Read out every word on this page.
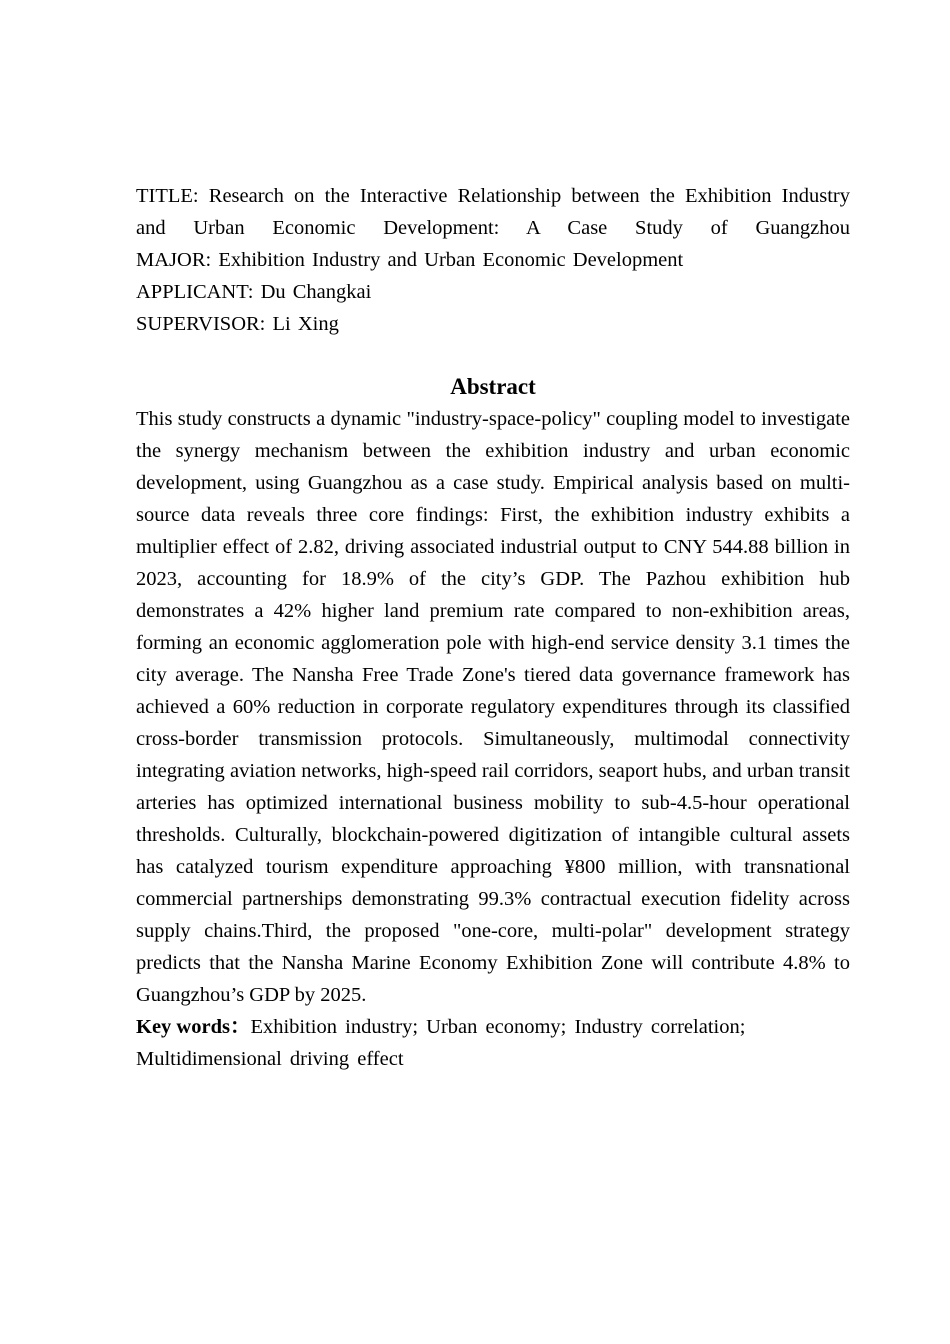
TITLE: Research on the Interactive Relationship between the Exhibition Industry and Urban Economic Development: A Case Study of Guangzhou
MAJOR: Exhibition Industry and Urban Economic Development
APPLICANT: Du Changkai
SUPERVISOR: Li Xing
Abstract

This study constructs a dynamic "industry-space-policy" coupling model to investigate the synergy mechanism between the exhibition industry and urban economic development, using Guangzhou as a case study. Empirical analysis based on multi-source data reveals three core findings: First, the exhibition industry exhibits a multiplier effect of 2.82, driving associated industrial output to CNY 544.88 billion in 2023, accounting for 18.9% of the city’s GDP. The Pazhou exhibition hub demonstrates a 42% higher land premium rate compared to non-exhibition areas, forming an economic agglomeration pole with high-end service density 3.1 times the city average. The Nansha Free Trade Zone's tiered data governance framework has achieved a 60% reduction in corporate regulatory expenditures through its classified cross-border transmission protocols. Simultaneously, multimodal connectivity integrating aviation networks, high-speed rail corridors, seaport hubs, and urban transit arteries has optimized international business mobility to sub-4.5-hour operational thresholds. Culturally, blockchain-powered digitization of intangible cultural assets has catalyzed tourism expenditure approaching ¥800 million, with transnational commercial partnerships demonstrating 99.3% contractual execution fidelity across supply chains.Third, the proposed "one-core, multi-polar" development strategy predicts that the Nansha Marine Economy Exhibition Zone will contribute 4.8% to Guangzhou’s GDP by 2025.

Key words：Exhibition industry; Urban economy; Industry correlation; Multidimensional driving effect
